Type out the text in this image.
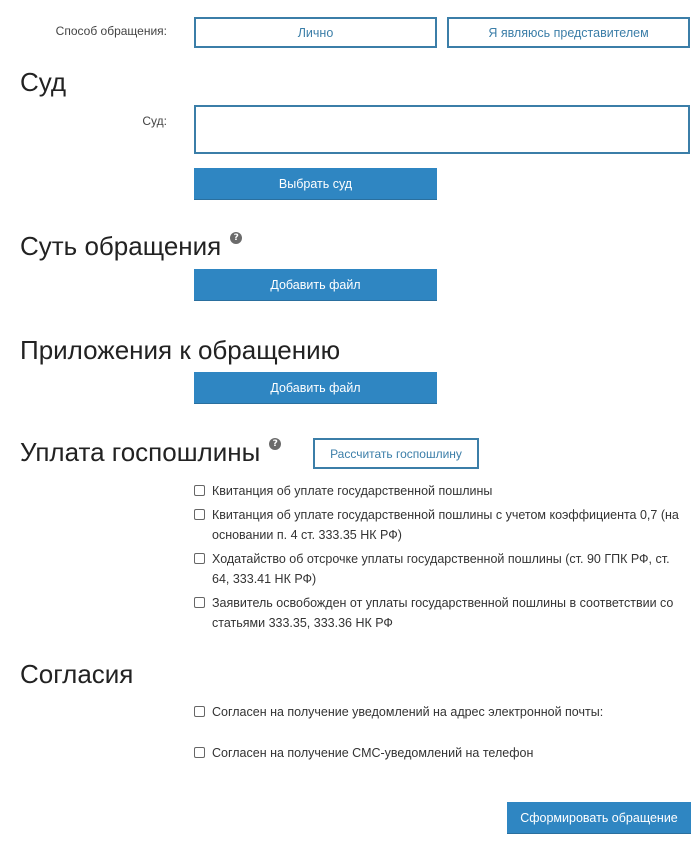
Способ обращения:	Лично	Я являюсь представителем
Суд
Суд:
Выбрать суд
Суть обращения	?
Добавить файл
Приложения к обращению
Добавить файл
Уплата госпошлины	?
Рассчитать госпошлину
Квитанция об уплате государственной пошлины
Квитанция об уплате государственной пошлины с учетом коэффициента 0,7 (на основании п. 4 ст. 333.35 НК РФ)
Ходатайство об отсрочке уплаты государственной пошлины (ст. 90 ГПК РФ, ст. 64, 333.41 НК РФ)
Заявитель освобожден от уплаты государственной пошлины в соответствии со статьями 333.35, 333.36 НК РФ
Согласия
Согласен на получение уведомлений на адрес электронной почты:
Согласен на получение СМС-уведомлений на телефон
Сформировать обращение
